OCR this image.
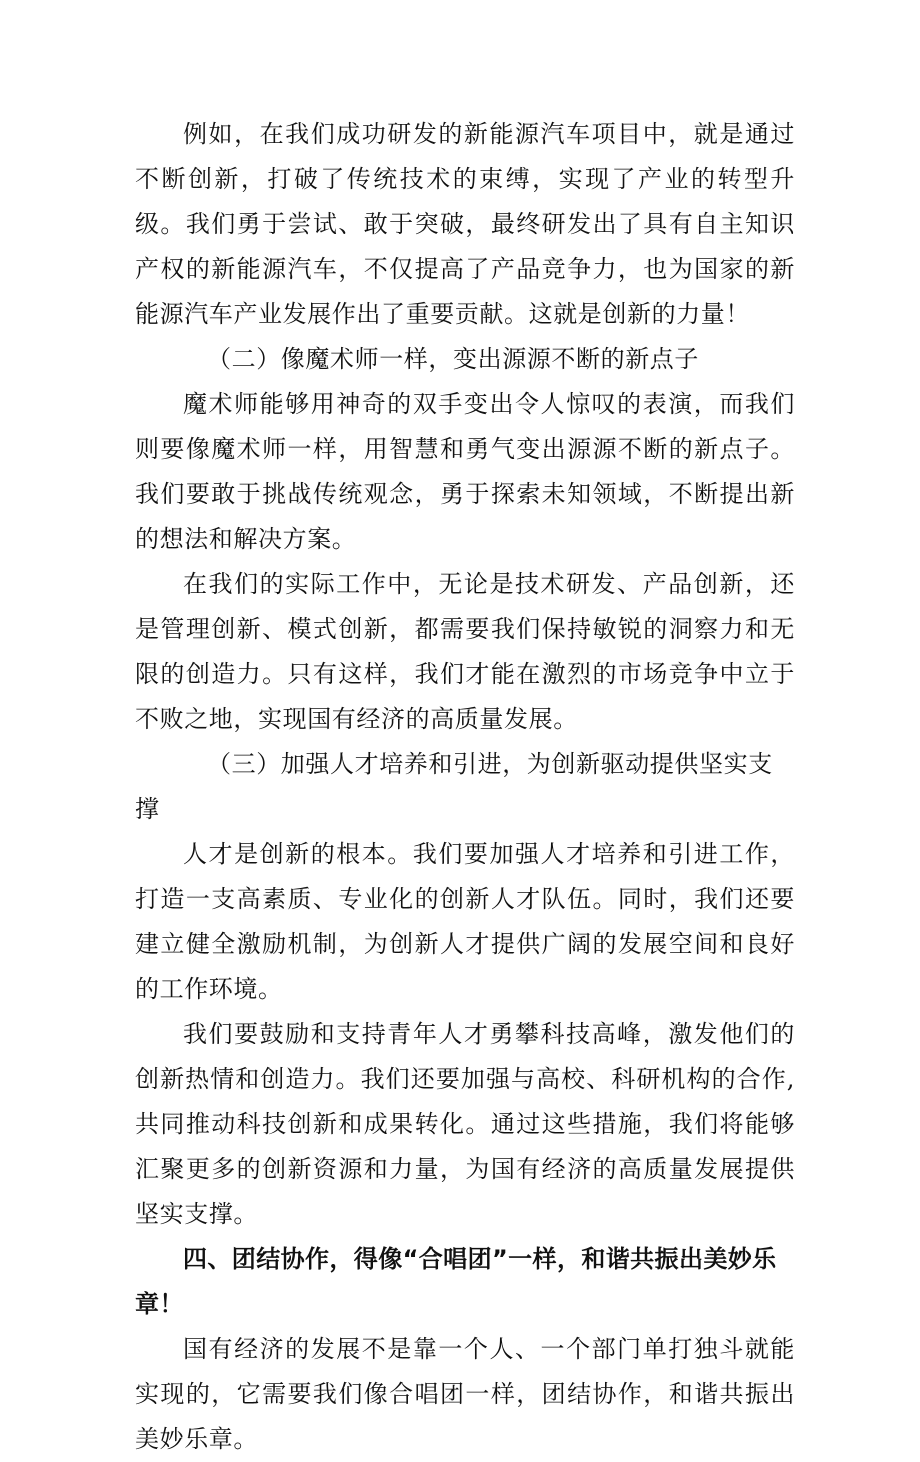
例如，在我们成功研发的新能源汽车项目中，就是通过不断创新，打破了传统技术的束缚，实现了产业的转型升级。我们勇于尝试、敢于突破，最终研发出了具有自主知识产权的新能源汽车，不仅提高了产品竞争力，也为国家的新能源汽车产业发展作出了重要贡献。这就是创新的力量！

（二）像魔术师一样，变出源源不断的新点子

魔术师能够用神奇的双手变出令人惊叹的表演，而我们则要像魔术师一样，用智慧和勇气变出源源不断的新点子。我们要敢于挑战传统观念，勇于探索未知领域，不断提出新的想法和解决方案。

在我们的实际工作中，无论是技术研发、产品创新，还是管理创新、模式创新，都需要我们保持敏锐的洞察力和无限的创造力。只有这样，我们才能在激烈的市场竞争中立于不败之地，实现国有经济的高质量发展。

（三）加强人才培养和引进，为创新驱动提供坚实支撑

人才是创新的根本。我们要加强人才培养和引进工作，打造一支高素质、专业化的创新人才队伍。同时，我们还要建立健全激励机制，为创新人才提供广阔的发展空间和良好的工作环境。

我们要鼓励和支持青年人才勇攀科技高峰，激发他们的创新热情和创造力。我们还要加强与高校、科研机构的合作,共同推动科技创新和成果转化。通过这些措施，我们将能够汇聚更多的创新资源和力量，为国有经济的高质量发展提供坚实支撑。

四、团结协作，得像“合唱团”一样，和谐共振出美妙乐章！

国有经济的发展不是靠一个人、一个部门单打独斗就能实现的，它需要我们像合唱团一样，团结协作，和谐共振出美妙乐章。
